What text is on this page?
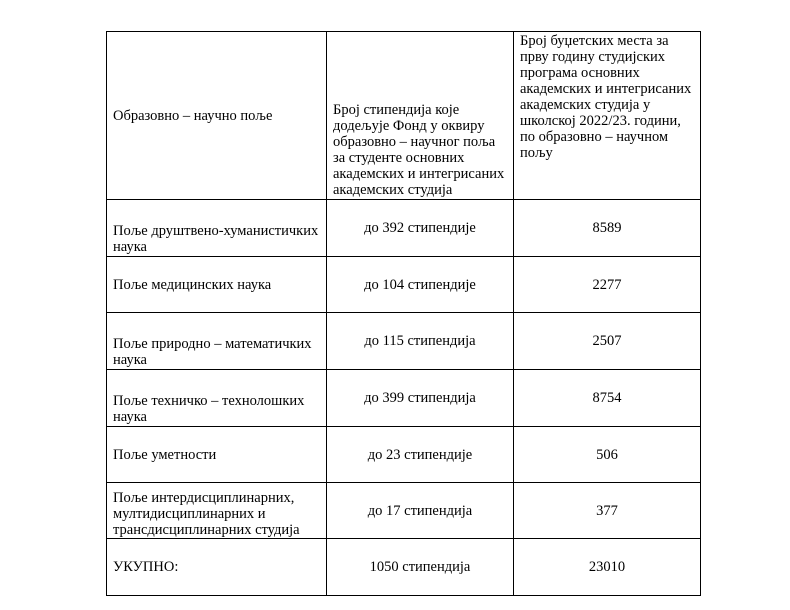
Образовно – научно поље	Број стипендија које додељује Фонд у оквиру образовно – научног поља за студенте основних академских и интегрисаних академских студија	Број буџетских места за прву годину студијских програма основних академских и интегрисаних академских студија у школској 2022/23. години, по образовно – научном пољу
Поље друштвено-хуманистичких наука	до 392 стипендије	8589
Поље медицинских наука	до 104 стипендије	2277
Поље природно – математичких наука	до 115 стипендија	2507
Поље техничко – технолошких наука	до 399 стипендија	8754
Поље уметности	до 23 стипендије	506
Поље интердисциплинарних, мултидисциплинарних и трансдисциплинарних студија	до 17 стипендија	377
УКУПНО:	1050 стипендија	23010
